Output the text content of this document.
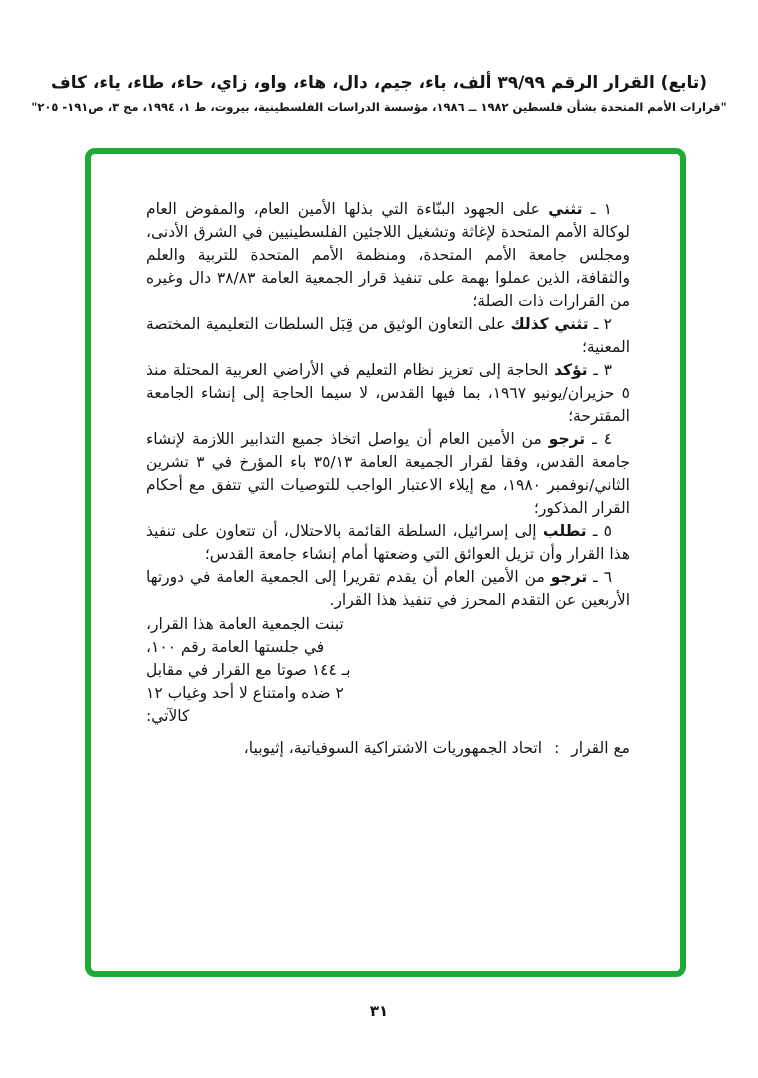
(تابع) القرار الرقم ٣٩/٩٩ ألف، باء، جيم، دال، هاء، واو، زاي، حاء، طاء، ياء، كاف
"قرارات الأمم المتحدة بشأن فلسطين ١٩٨٢ ــ ١٩٨٦، مؤسسة الدراسات الفلسطينية، بيروت، ط ١، ١٩٩٤، مج ٣، ص١٩١- ٢٠٥"

١ ـ تثني على الجهود البنّاءة التي بذلها الأمين العام، والمفوض العام لوكالة الأمم المتحدة لإغاثة وتشغيل اللاجئين الفلسطينيين في الشرق الأدنى، ومجلس جامعة الأمم المتحدة، ومنظمة الأمم المتحدة للتربية والعلم والثقافة، الذين عملوا بهمة على تنفيذ قرار الجمعية العامة ٣٨/٨٣ دال وغيره من القرارات ذات الصلة؛

٢ ـ تثني كذلك على التعاون الوثيق من قِبَل السلطات التعليمية المختصة المعنية؛

٣ ـ تؤكد الحاجة إلى تعزيز نظام التعليم في الأراضي العربية المحتلة منذ ٥ حزيران/يونيو ١٩٦٧، بما فيها القدس، لا سيما الحاجة إلى إنشاء الجامعة المقترحة؛

٤ ـ ترجو من الأمين العام أن يواصل اتخاذ جميع التدابير اللازمة لإنشاء جامعة القدس، وفقا لقرار الجميعة العامة ٣٥/١٣ باء المؤرخ في ٣ تشرين الثاني/نوفمبر ١٩٨٠، مع إيلاء الاعتبار الواجب للتوصيات التي تتفق مع أحكام القرار المذكور؛

٥ ـ تطلب إلى إسرائيل، السلطة القائمة بالاحتلال، أن تتعاون على تنفيذ هذا القرار وأن تزيل العوائق التي وضعتها أمام إنشاء جامعة القدس؛

٦ ـ ترجو من الأمين العام أن يقدم تقريرا إلى الجمعية العامة في دورتها الأربعين عن التقدم المحرز في تنفيذ هذا القرار.

تبنت الجمعية العامة هذا القرار،
في جلستها العامة رقم ١٠٠،
بـ ١٤٤ صوتا مع القرار في مقابل
٢ ضده وامتناع لا أحد وغياب ١٢
كالآتي:
مع القرار:اتحاد الجمهوريات الاشتراكية السوفياتية، إثيوبيا،
٣١
